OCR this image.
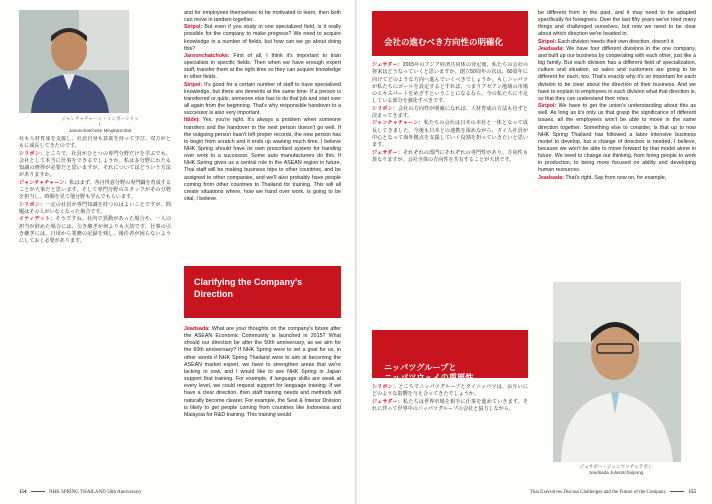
ジャンチャチャーン・ミンポーンリット
Janonchatchoke Mingkamolrat

社も人材育成を支援し、社員自身も意欲を持って学び、双方がともに成長してきたのです。

シリポン：ところで、社員がひとつの専門分野だけを学ぶでも、会社として本当に仕事をできるでしょうか。私は多分野にわたる知識の修得が必要だと思いますが、それについてはどういう方法がありますか。

ジャンチャチャーン：私はまず、各自得意分野の専門職を育成することが大事だと思います。そして専門分野のスタッフがその分野を担当し、時間を見て他分野も学んでもらいます。

シリポン：一定の社員が専門知識を持つのはよいことですが、問題はその人がいなくなった場合です。

イティデット：そうですね。社内で異動があった場合や、一人の担当が辞めた場合には、引き継ぎが何よりも大切です。仕事の引き継ぎには、日頃から業務の記録を残し、後任者が困らないようにしておく必要があります。

and for employees themselves to be motivated to learn, then both can move in tandem together.

Siripol: But even if you study in one specialized field, is it really possible for the company to make progress? We need to acquire knowledge in a number of fields, but how can we go about doing this?

Jaroonchatchoke: First of all, I think it's important to train specialists in specific fields. Then when we have enough expert staff, transfer them at the right time so they can acquire knowledge in other fields.

Siripol: It's good for a certain number of staff to have specialized knowledge, but there are demerits at the same time. If a person is transferred or quits, someone else has to do that job and start over all again from the beginning. That's why responsible handover to a successor is also very important.

Ittidej: Yes, you're right. It's always a problem when someone transfers and the handover to the next person doesn't go well. If the outgoing person hasn't left proper records, the new person has to begin from scratch and it ends up wasting much time. I believe NHK Spring should have its own prescribed system for handing over work to a successor. Some auto manufacturers do this. If NHK Spring gives us a central role in the ASEAN region in future, Thai staff will be making business trips to other countries, and be assigned to other companies, and we'll also probably have people coming from other countries to Thailand for training. This will all create situations where, how we hand over work, is going to be vital, I believe.

Clarifying the Company's Direction

Jeadsada: What are your thoughts on the company's future after the ASEAN Economic Community is launched in 2015? What should our direction be after the 50th anniversary, as we aim for the 60th anniversary? If NHK Spring were to set a goal for us, in other words if NHK Spring Thailand were to aim at becoming the ASEAN market expert, we have to strengthen areas that we're lacking in now, and I would like to see NHK Spring in Japan support that training. For example, if language skills are weak at every level, we could request support for language training. If we have a clear direction, then staff training needs and methods will naturally become clearer. For example, the Seat & Interior Division is likely to get people coming from countries like Indonesia and Malaysia for R&D training. This training would

154	NHK SPRING THAILAND 50th Anniversary
会社の進むべき方向性の明確化

ジェサダー：2015年のアジア経済共同体の発足後、私たちの会社の将来はどうなっていくと思いますか。創立50周年の次は、60周年に向けてどのような方向へ進んでいくべきでしょうか。もしニッパツが私たちにゴールを設定するとすれば、つまりアセアン地域の市場のエキスパートをめざすということになるなら、今の私たちに不足している部分を強化すべきです。

シリポン：会社の方向性が明確になれば、人材育成の方法も自ずと決まってきます。

ジャンチャチャーン：私たちの会社は日本の本社と一体となって成長してきました。今後も日本との連携を深めながら、タイ人社員が中心となって海外拠点を支援していく役割を担っていきたいと思います。

ジェサダー：それぞれの部門にそれぞれの専門性があり、方向性も異なりますが、会社全体の方向性を共有することが大切です。

ニッパツグループと
ニッパツウェイの重要性

シリポン：ところでニッパツグループとタイニッパツは、お互いにどのような影響を与え合ってきたでしょうか。

ジェサダー：私たちは世界市場を相手に仕事を進めていきます。それに伴って世界中のニッパツグループの会社と協力しながら、

be different from in the past, and it may need to be adapted specifically for foreigners. Over the last fifty years we've tried many things and challenged ourselves, but now we need to be clear about which direction we're headed in.

Siripol: Each division needs their own direction, doesn't it.

Jeadsada: We have four different divisions in the one company, and built up our business by cooperating with each other, just like a big family. But each division has a different field of specialization, culture and situation, so sales and customers are going to be different for each, too. That's exactly why it's so important for each division to be clear about the direction of their business. And we have to explain to employees in each division what that direction is, so that they can understand their roles.

Siripol: We have to get the union's understanding about this as well. As long as it's only us that grasp the significance of different issues, all the employees won't be able to move in the same direction together. Something else to consider, is that up to now NHK Spring Thailand has followed a labor intensive business model to develop, but a change of direction is needed, I believe, because we won't be able to move forward by that model alone in future. We need to change our thinking, from hiring people to work in production, to being more focused on ability and developing human resources.

Jeadsada: That's right. Say from now on, for example,

ジェサダー・ジュンウッチャラポン
Jeadsada Julasotchaipong
Thai Executives Discuss Challenges and the Future of the Company	155
